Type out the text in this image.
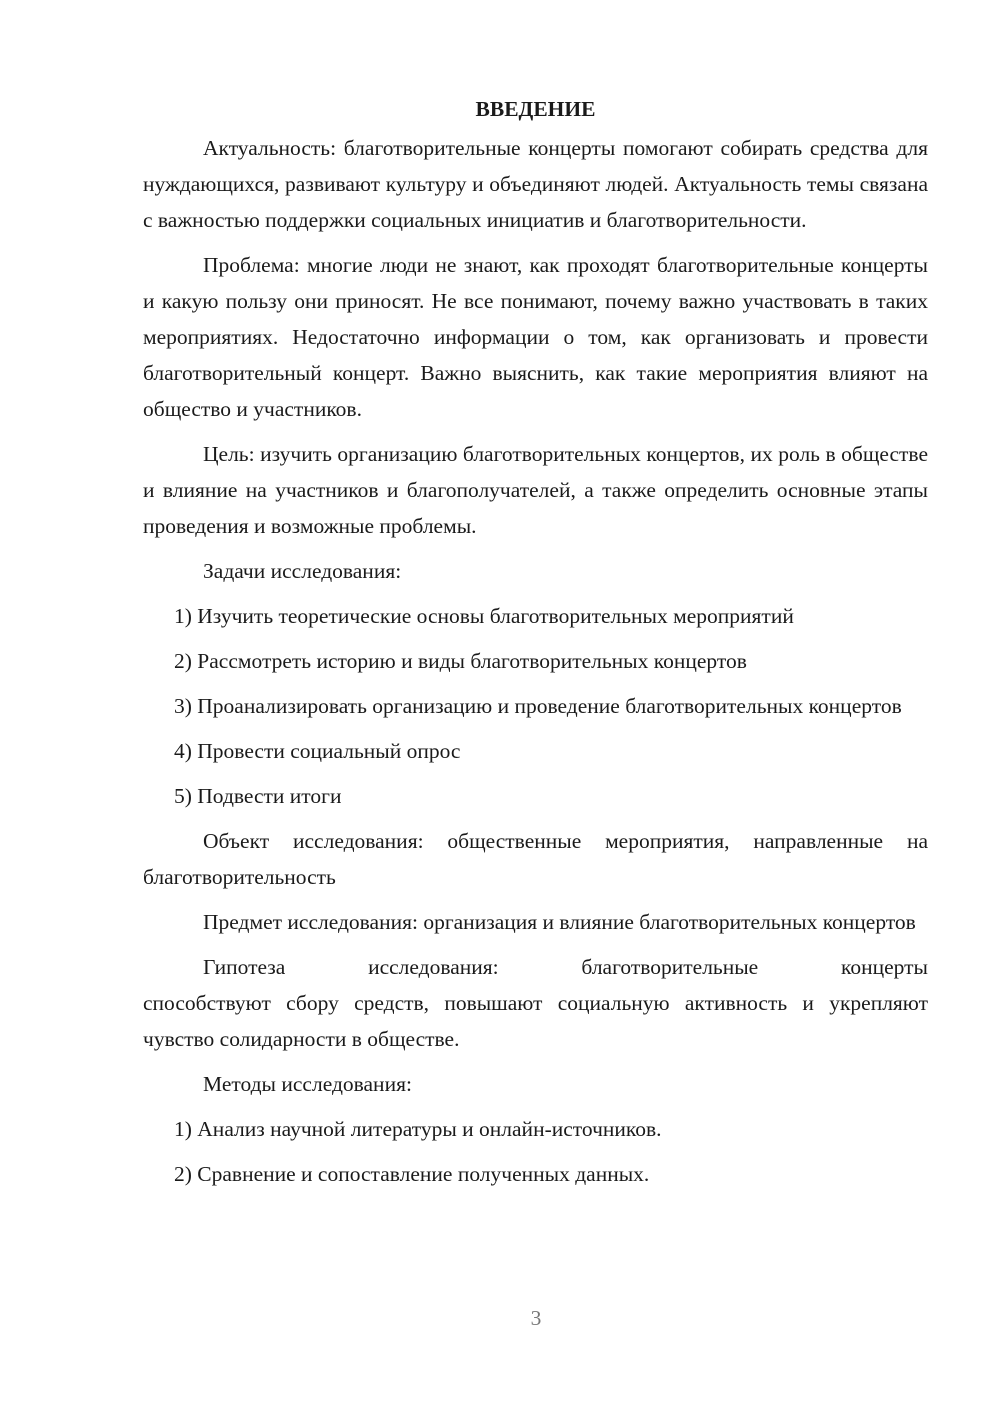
ВВЕДЕНИЕ

Актуальность: благотворительные концерты помогают собирать средства для нуждающихся, развивают культуру и объединяют людей. Актуальность темы связана с важностью поддержки социальных инициатив и благотворительности.

Проблема: многие люди не знают, как проходят благотворительные концерты и какую пользу они приносят. Не все понимают, почему важно участвовать в таких мероприятиях. Недостаточно информации о том, как организовать и провести благотворительный концерт. Важно выяснить, как такие мероприятия влияют на общество и участников.

Цель: изучить организацию благотворительных концертов, их роль в обществе и влияние на участников и благополучателей, а также определить основные этапы проведения и возможные проблемы.

Задачи исследования:

1) Изучить теоретические основы благотворительных мероприятий

2) Рассмотреть историю и виды благотворительных концертов

3) Проанализировать организацию и проведение благотворительных концертов

4) Провести социальный опрос

5) Подвести итоги

Объект исследования: общественные мероприятия, направленные на благотворительность

Предмет исследования: организация и влияние благотворительных концертов

Гипотеза	исследования:	благотворительные	концерты
способствуют сбору средств, повышают социальную активность и укрепляют чувство солидарности в обществе.

Методы исследования:

1) Анализ научной литературы и онлайн-источников.

2) Сравнение и сопоставление полученных данных.

3
